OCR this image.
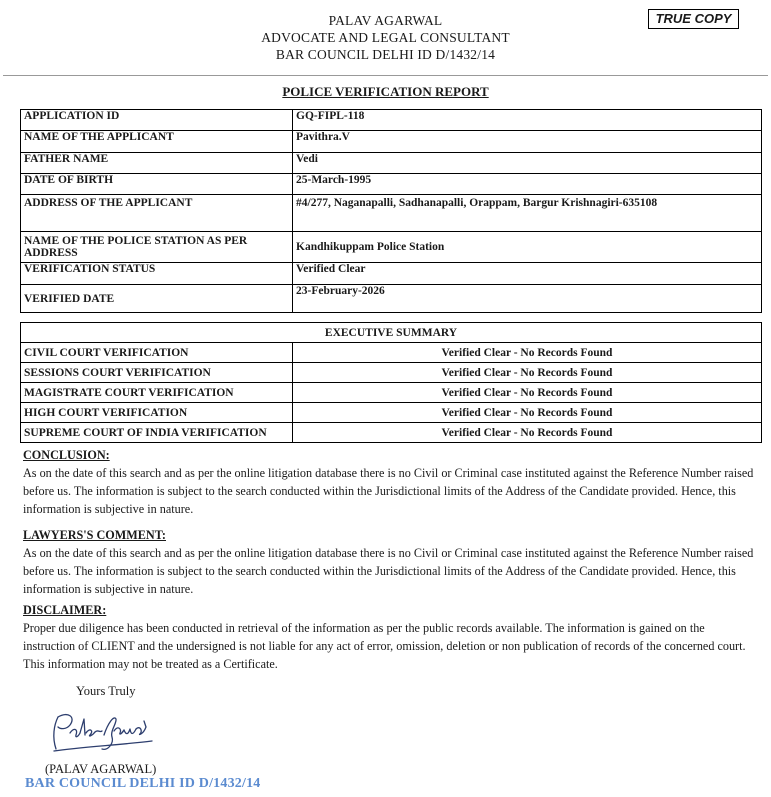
PALAV AGARWAL
ADVOCATE AND LEGAL CONSULTANT
BAR COUNCIL DELHI ID D/1432/14
TRUE COPY
POLICE VERIFICATION REPORT
APPLICATION ID	GQ-FIPL-118
NAME OF THE APPLICANT	Pavithra.V
FATHER NAME	Vedi
DATE OF BIRTH	25-March-1995
ADDRESS OF THE APPLICANT	#4/277, Naganapalli, Sadhanapalli, Orappam, Bargur Krishnagiri-635108
NAME OF THE POLICE STATION AS PER ADDRESS	Kandhikuppam Police Station
VERIFICATION STATUS	Verified Clear
VERIFIED DATE	23-February-2026
EXECUTIVE SUMMARY	
CIVIL COURT VERIFICATION	Verified Clear - No Records Found
SESSIONS COURT VERIFICATION	Verified Clear - No Records Found
MAGISTRATE COURT VERIFICATION	Verified Clear - No Records Found
HIGH COURT VERIFICATION	Verified Clear - No Records Found
SUPREME COURT OF INDIA VERIFICATION	Verified Clear - No Records Found
CONCLUSION:
As on the date of this search and as per the online litigation database there is no Civil or Criminal case instituted against the Reference Number raised before us. The information is subject to the search conducted within the Jurisdictional limits of the Address of the Candidate provided. Hence, this information is subjective in nature.
LAWYERS'S COMMENT:
As on the date of this search and as per the online litigation database there is no Civil or Criminal case instituted against the Reference Number raised before us. The information is subject to the search conducted within the Jurisdictional limits of the Address of the Candidate provided. Hence, this information is subjective in nature.
DISCLAIMER:
Proper due diligence has been conducted in retrieval of the information as per the public records available. The information is gained on the instruction of CLIENT and the undersigned is not liable for any act of error, omission, deletion or non publication of records of the concerned court. This information may not be treated as a Certificate.
Yours Truly
(PALAV AGARWAL)
BAR COUNCIL DELHI ID D/1432/14
